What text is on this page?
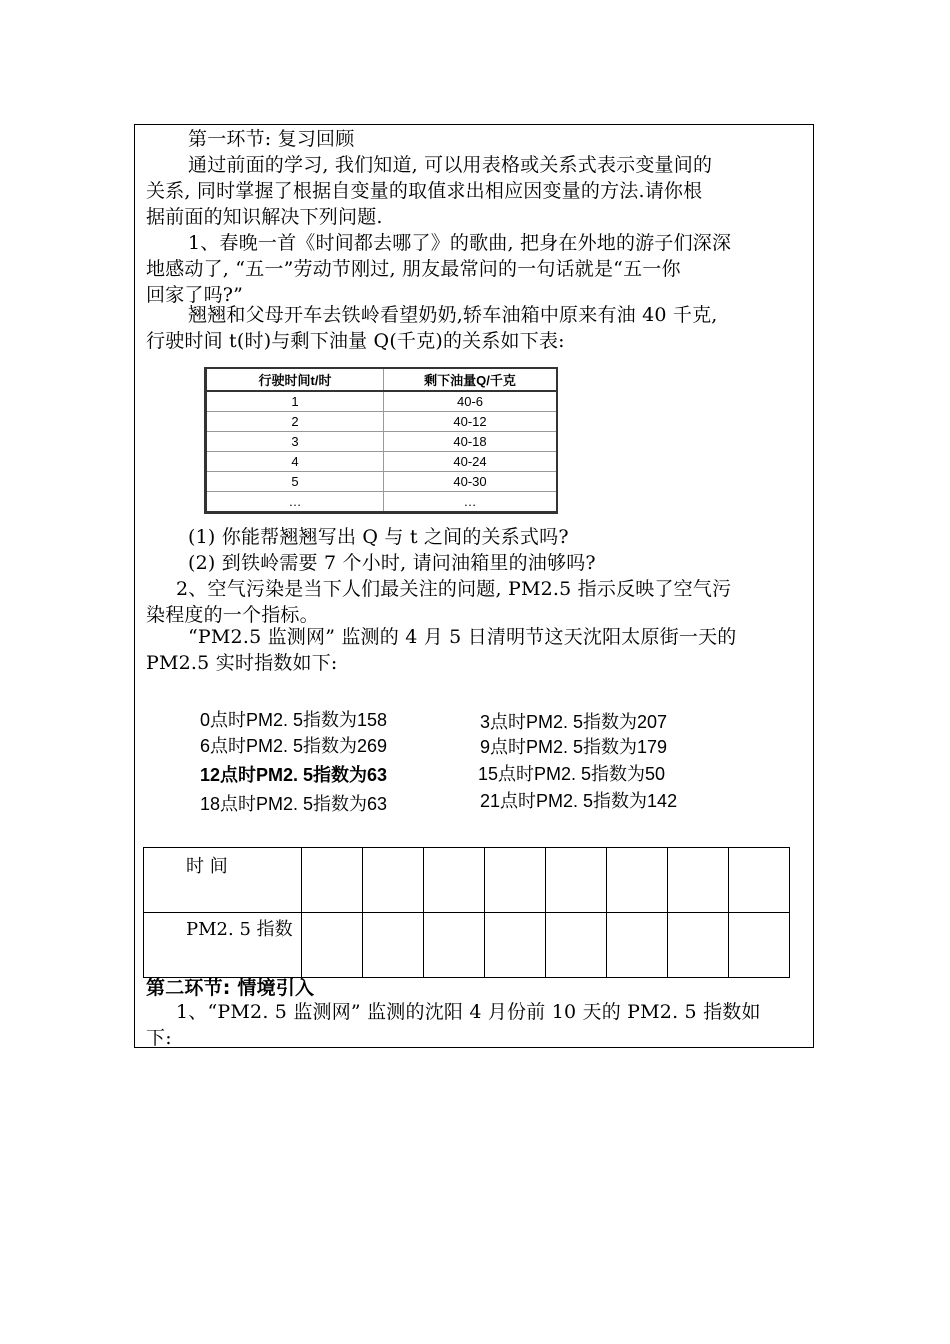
第一环节: 复习回顾
通过前面的学习, 我们知道, 可以用表格或关系式表示变量间的
关系, 同时掌握了根据自变量的取值求出相应因变量的方法.请你根
据前面的知识解决下列问题.
1、春晚一首《时间都去哪了》的歌曲, 把身在外地的游子们深深
地感动了, “五一”劳动节刚过, 朋友最常问的一句话就是“五一你
回家了吗?”
翘翘和父母开车去铁岭看望奶奶,轿车油箱中原来有油 40 千克,
行驶时间 t(时)与剩下油量 Q(千克)的关系如下表:
行驶时间t/时	剩下油量Q/千克
1	40-6
2	40-12
3	40-18
4	40-24
5	40-30
…	…
(1) 你能帮翘翘写出 Q 与 t 之间的关系式吗?
(2) 到铁岭需要 7 个小时, 请问油箱里的油够吗?
2、空气污染是当下人们最关注的问题, PM2.5 指示反映了空气污
染程度的一个指标。
“PM2.5 监测网” 监测的 4 月 5 日清明节这天沈阳太原街一天的
PM2.5 实时指数如下:
0点时PM2. 5指数为158	3点时PM2. 5指数为207
6点时PM2. 5指数为269	9点时PM2. 5指数为179
12点时PM2. 5指数为63	15点时PM2. 5指数为50
18点时PM2. 5指数为63	21点时PM2. 5指数为142
时 间								
PM2. 5 指数								
第二环节: 情境引入
1、“PM2. 5 监测网” 监测的沈阳 4 月份前 10 天的 PM2. 5 指数如
下:
